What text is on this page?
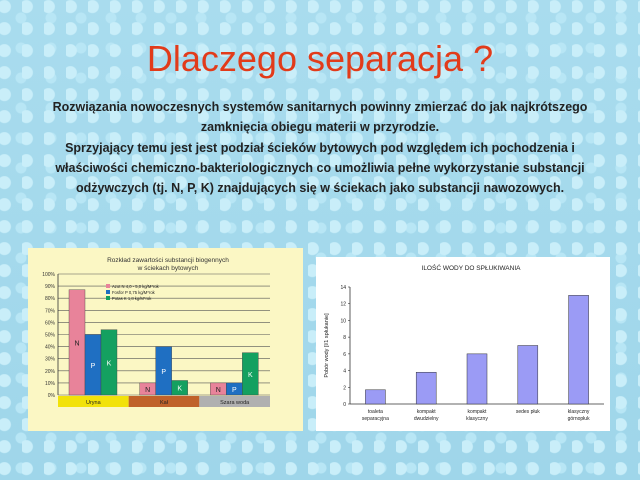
Dlaczego separacja ?
Rozwiązania nowoczesnych systemów sanitarnych powinny zmierzać do jak najkrótszego zamknięcia obiegu materii w przyrodzie.
Sprzyjający temu jest jest podział ścieków bytowych pod względem ich pochodzenia i właściwości chemiczno-bakteriologicznych co umożliwia pełne wykorzystanie substancji odżywczych (tj. N, P, K) znajdujących się w ściekach jako substancji nawozowych.
Rozkład zawartości substancji biogennych
w ściekach bytowych
0%
10%
20%
30%
40%
50%
60%
70%
80%
90%
100%
Uryna
N
P K
Kał
N
P
K
Szara woda
N P
K
Azot N 4,0 - 5,0 kg/M*rok
Fosfor P 0,75 kg/M*rok
Potas K 1,8 kg/M*rok
ILOŚĆ WODY DO SPŁUKIWANIA
0
2
4
6
8
10
12
14
Pobór wody [l/1 spłukanie]
toaleta
separacyjna
kompakt
dwudzielny
kompakt
klasyczny
sedes płuk	klasyczny
górnopłuk
